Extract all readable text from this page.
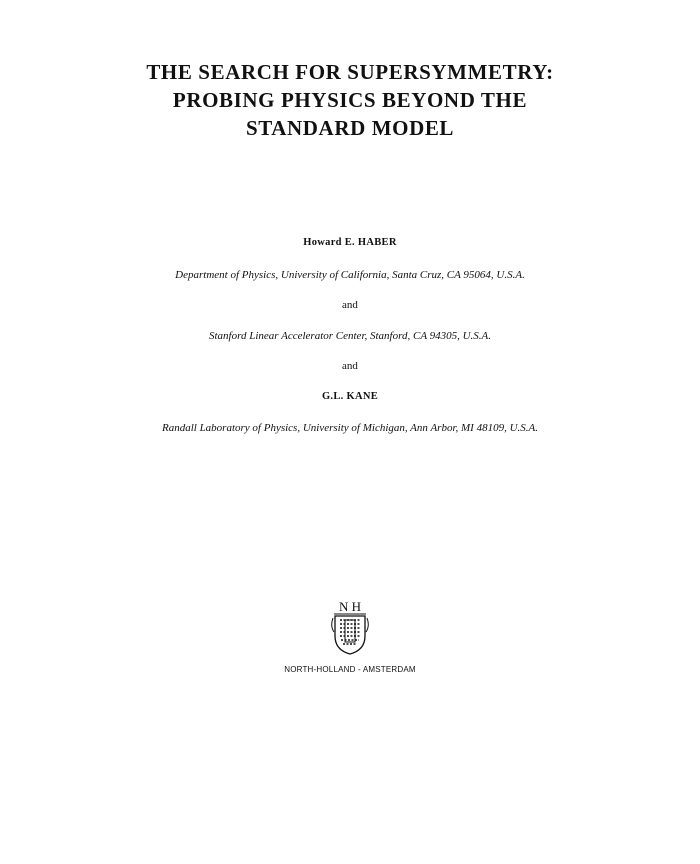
THE SEARCH FOR SUPERSYMMETRY:
PROBING PHYSICS BEYOND THE
STANDARD MODEL
Howard E. HABER
Department of Physics, University of California, Santa Cruz, CA 95064, U.S.A.
and
Stanford Linear Accelerator Center, Stanford, CA 94305, U.S.A.
and
G.L. KANE
Randall Laboratory of Physics, University of Michigan, Ann Arbor, MI 48109, U.S.A.
N H
NORTH-HOLLAND - AMSTERDAM
